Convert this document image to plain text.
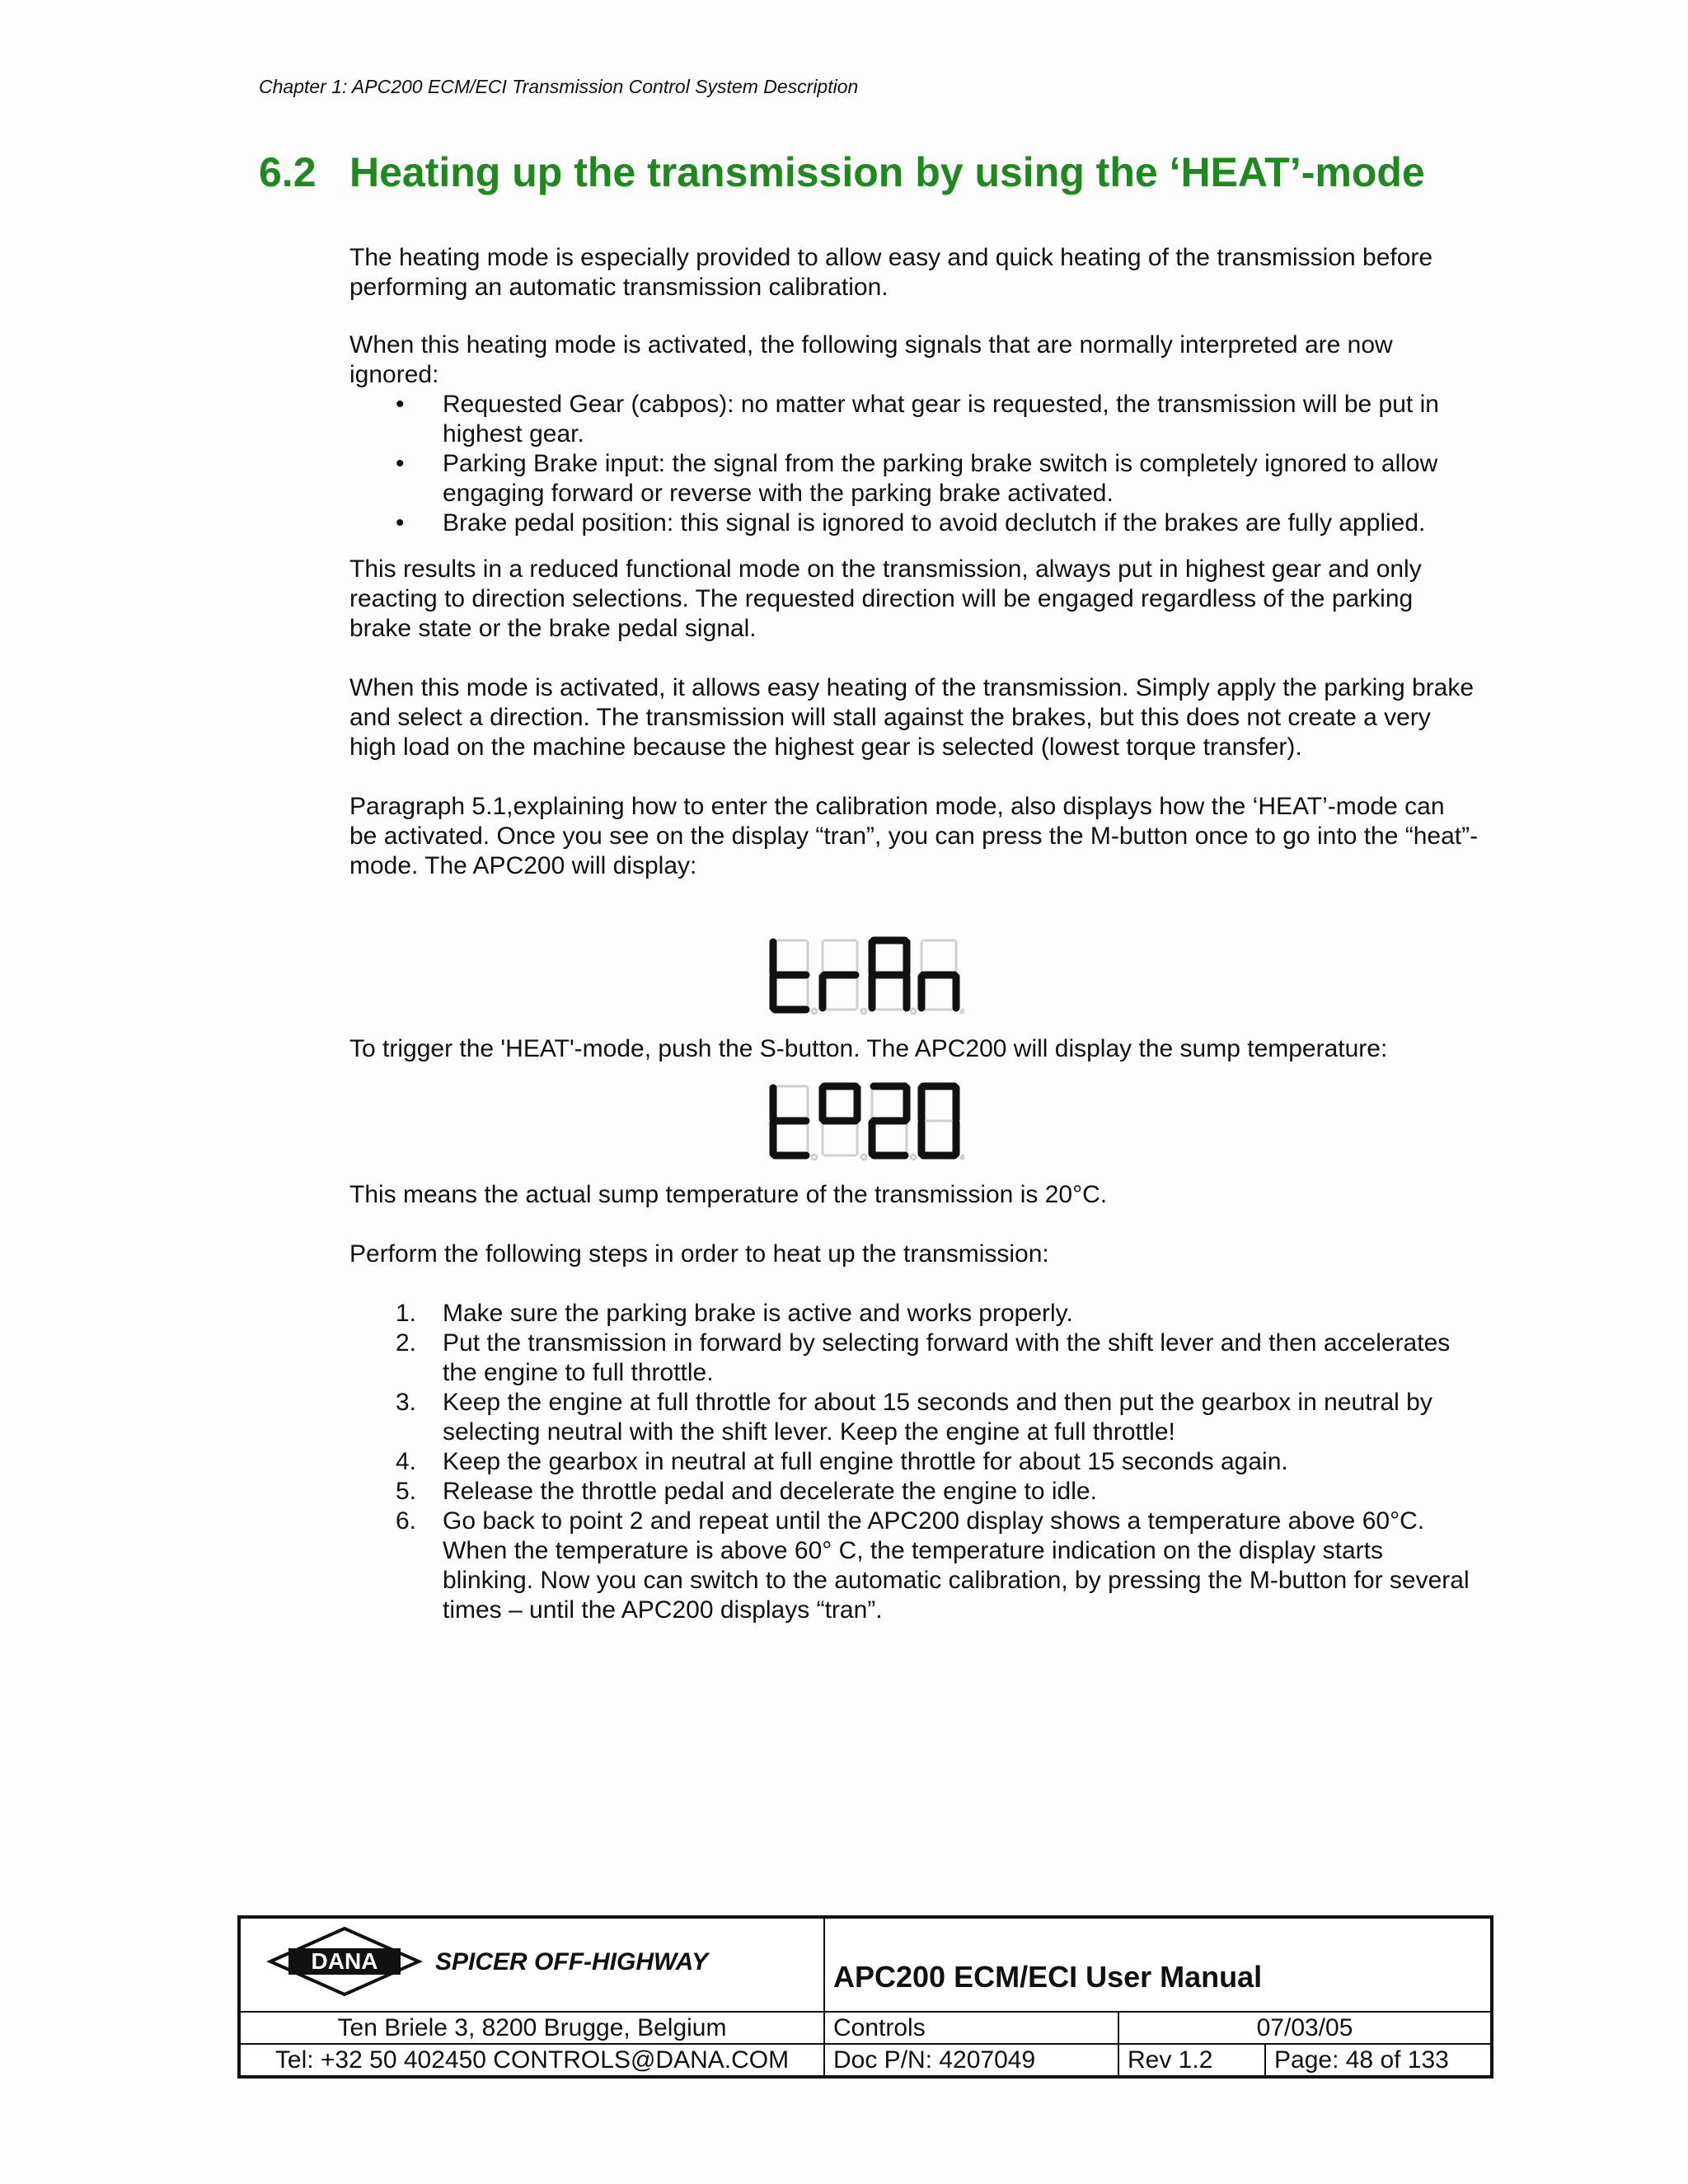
Chapter 1: APC200 ECM/ECI Transmission Control System Description
6.2 Heating up the transmission by using the ‘HEAT’-mode

The heating mode is especially provided to allow easy and quick heating of the transmission before performing an automatic transmission calibration.

When this heating mode is activated, the following signals that are normally interpreted are now ignored:

• Requested Gear (cabpos): no matter what gear is requested, the transmission will be put in highest gear.
• Parking Brake input: the signal from the parking brake switch is completely ignored to allow engaging forward or reverse with the parking brake activated.
• Brake pedal position: this signal is ignored to avoid declutch if the brakes are fully applied.

This results in a reduced functional mode on the transmission, always put in highest gear and only reacting to direction selections. The requested direction will be engaged regardless of the parking brake state or the brake pedal signal.

When this mode is activated, it allows easy heating of the transmission. Simply apply the parking brake and select a direction. The transmission will stall against the brakes, but this does not create a very high load on the machine because the highest gear is selected (lowest torque transfer).

Paragraph 5.1,explaining how to enter the calibration mode, also displays how the ‘HEAT’-mode can be activated. Once you see on the display “tran”, you can press the M-button once to go into the “heat”-mode. The APC200 will display:

To trigger the 'HEAT'-mode, push the S-button. The APC200 will display the sump temperature:
This means the actual sump temperature of the transmission is 20°C.
Perform the following steps in order to heat up the transmission:
1. Make sure the parking brake is active and works properly.
2. Put the transmission in forward by selecting forward with the shift lever and then accelerates the engine to full throttle.
3. Keep the engine at full throttle for about 15 seconds and then put the gearbox in neutral by selecting neutral with the shift lever. Keep the engine at full throttle!
4. Keep the gearbox in neutral at full engine throttle for about 15 seconds again.
5. Release the throttle pedal and decelerate the engine to idle.
6. Go back to point 2 and repeat until the APC200 display shows a temperature above 60°C. When the temperature is above 60° C, the temperature indication on the display starts blinking. Now you can switch to the automatic calibration, by pressing the M-button for several times – until the APC200 displays “tran”.
DANA SPICER OFF-HIGHWAY	APC200 ECM/ECI User Manual		
Ten Briele 3, 8200 Brugge, Belgium	Controls	07/03/05	
Tel: +32 50 402450 CONTROLS@DANA.COM	Doc P/N: 4207049	Rev 1.2	Page: 48 of 133
